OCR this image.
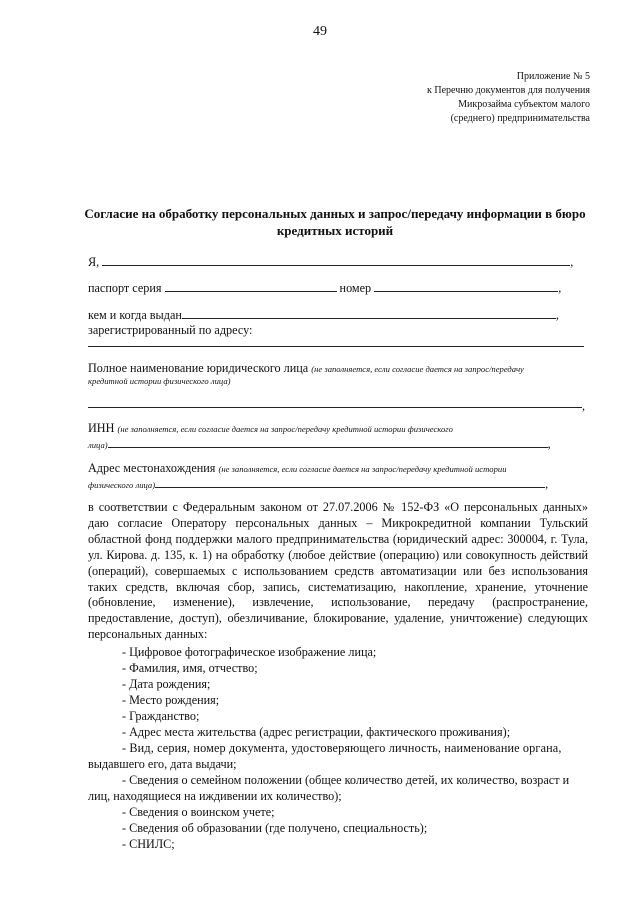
49
Приложение № 5
к Перечню документов для получения
Микрозайма субъектом малого
(среднего) предпринимательства
Согласие на обработку персональных данных и запрос/передачу информации в бюро кредитных историй
Я,	,
паспорт серия	номер	,
кем и когда выдан	,
зарегистрированный по адресу:
Полное наименование юридического лица (не заполняется, если согласие дается на запрос/передачу
кредитной истории физического лица)
,
ИНН (не заполняется, если согласие дается на запрос/передачу кредитной истории физического
лица)	,
Адрес местонахождения (не заполняется, если согласие дается на запрос/передачу кредитной истории
физического лица)	,
в соответствии с Федеральным законом от 27.07.2006 № 152-ФЗ «О персональных данных» даю согласие Оператору персональных данных – Микрокредитной компании Тульский областной фонд поддержки малого предпринимательства (юридический адрес: 300004, г. Тула, ул. Кирова. д. 135, к. 1) на обработку (любое действие (операцию) или совокупность действий (операций), совершаемых с использованием средств автоматизации или без использования таких средств, включая сбор, запись, систематизацию, накопление, хранение, уточнение (обновление, изменение), извлечение, использование, передачу (распространение, предоставление, доступ), обезличивание, блокирование, удаление, уничтожение) следующих персональных данных:
- Цифровое фотографическое изображение лица;
- Фамилия, имя, отчество;
- Дата рождения;
- Место рождения;
- Гражданство;
- Адрес места жительства (адрес регистрации, фактического проживания);
- Вид, серия, номер документа, удостоверяющего личность, наименование органа,
выдавшего его, дата выдачи;
- Сведения о семейном положении (общее количество детей, их количество, возраст и
лиц, находящиеся на иждивении их количество);
- Сведения о воинском учете;
- Сведения об образовании (где получено, специальность);
- СНИЛС;
